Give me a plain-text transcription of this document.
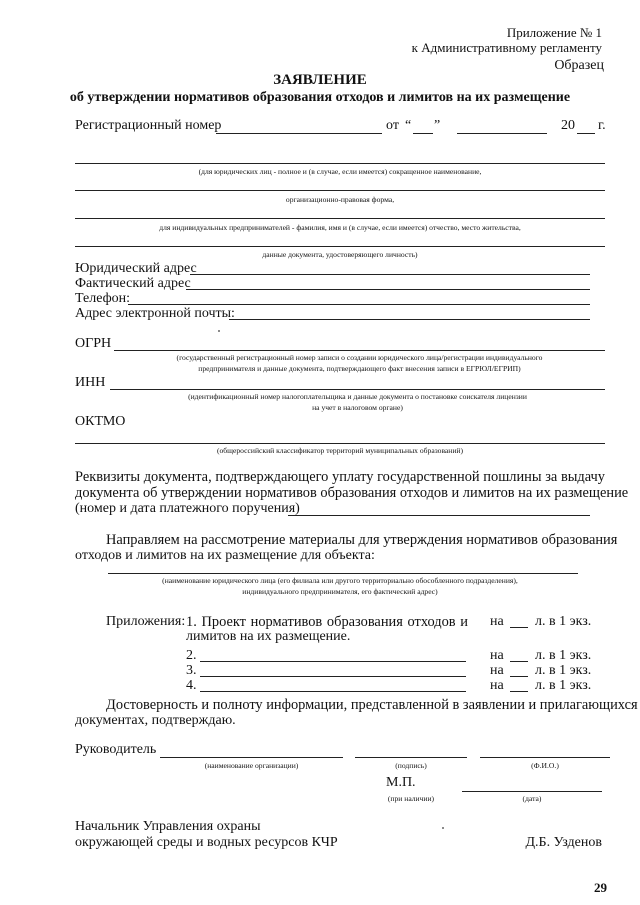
Приложение № 1
к Административному регламенту
Образец
ЗАЯВЛЕНИЕ
об утверждении нормативов образования отходов и лимитов на их размещение
Регистрационный номер	от “ ”	20 г.
(для юридических лиц - полное и (в случае, если имеется) сокращенное наименование,
организационно-правовая форма,
для индивидуальных предпринимателей - фамилия, имя и (в случае, если имеется) отчество, место жительства,
данные документа, удостоверяющего личность)
Юридический адрес
Фактический адрес
Телефон:
Адрес электронной почты:
ОГРН
(государственный регистрационный номер записи о создании юридического лица/регистрации индивидуального
предпринимателя и данные документа, подтверждающего факт внесения записи в ЕГРЮЛ/ЕГРИП)
ИНН
(идентификационный номер налогоплательщика и данные документа о постановке соискателя лицензии
на учет в налоговом органе)
ОКТМО
(общероссийский классификатор территорий муниципальных образований)
Реквизиты документа, подтверждающего уплату государственной пошлины за выдачу
документа об утверждении нормативов образования отходов и лимитов на их размещение
(номер и дата платежного поручения)
Направляем на рассмотрение материалы для утверждения нормативов образования
отходов и лимитов на их размещение для объекта:
(наименование юридического лица (его филиала или другого территориально обособленного подразделения),
индивидуального предпринимателя, его фактический адрес)
Приложения: 1. Проект нормативов образования отходов и
лимитов на их размещение.
на л. в 1 экз.
2.	на л. в 1 экз.
3.	на л. в 1 экз.
4.	на л. в 1 экз.
Достоверность и полноту информации, представленной в заявлении и прилагающихся
документах, подтверждаю.
Руководитель
(наименование организации)	(подпись)	(Ф.И.О.)
М.П.
(при наличии)	(дата)
Начальник Управления охраны
окружающей среды и водных ресурсов КЧР	Д.Б. Узденов
29
